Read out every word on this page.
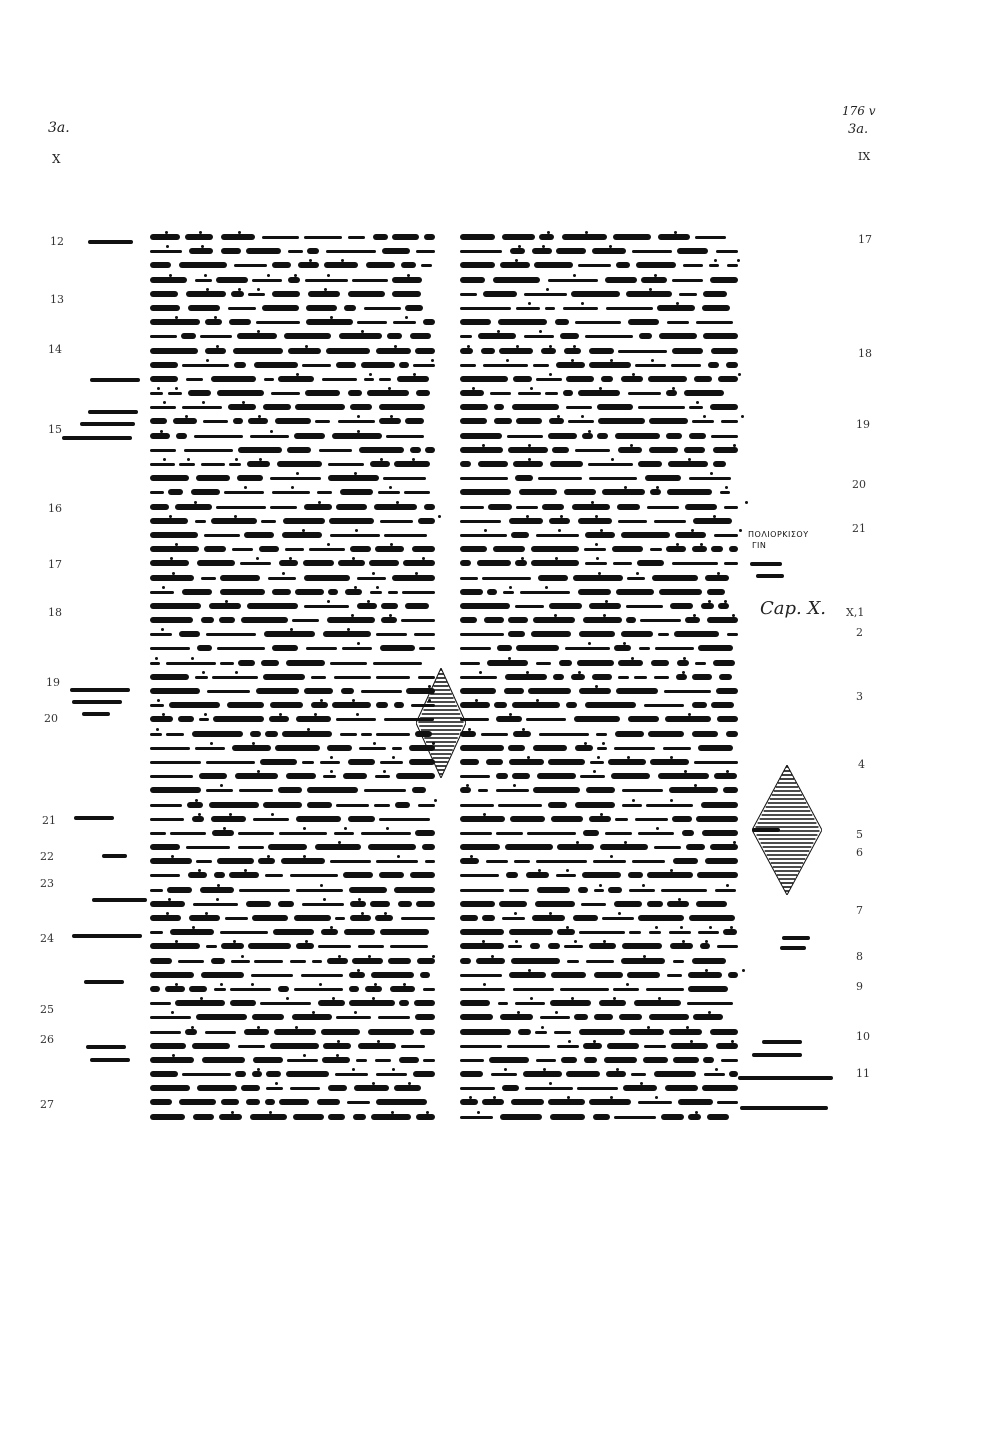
3a.
X
176 v
3a.
IX
12
13
14
15
16
17
18
19
20
21
22
23
24
25
26
27
17
18
19
20
21
X,1
2
3
4
5
6
7
8
9
10
11
ΠΟΛΙΟΡΚΙΣΟΥ
ΓΙΝ
Cap. X.
